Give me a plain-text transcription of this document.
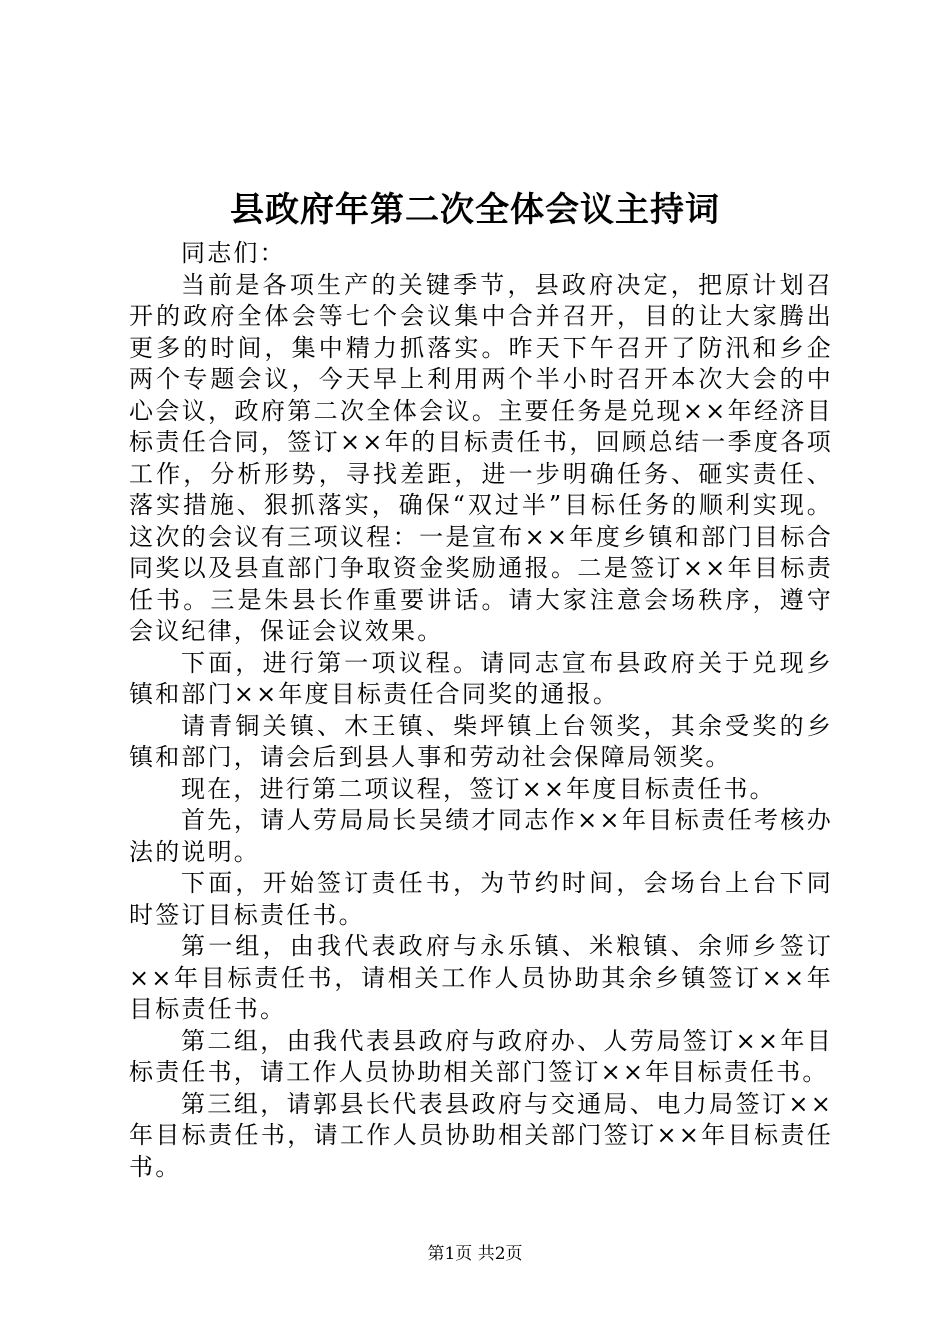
县政府年第二次全体会议主持词

同志们：

当前是各项生产的关键季节，县政府决定，把原计划召开的政府全体会等七个会议集中合并召开，目的让大家腾出更多的时间，集中精力抓落实。昨天下午召开了防汛和乡企两个专题会议，今天早上利用两个半小时召开本次大会的中心会议，政府第二次全体会议。主要任务是兑现××年经济目标责任合同，签订××年的目标责任书，回顾总结一季度各项工作，分析形势，寻找差距，进一步明确任务、砸实责任、落实措施、狠抓落实，确保“双过半”目标任务的顺利实现。这次的会议有三项议程：一是宣布××年度乡镇和部门目标合同奖以及县直部门争取资金奖励通报。二是签订××年目标责任书。三是朱县长作重要讲话。请大家注意会场秩序，遵守会议纪律，保证会议效果。

下面，进行第一项议程。请同志宣布县政府关于兑现乡镇和部门××年度目标责任合同奖的通报。

请青铜关镇、木王镇、柴坪镇上台领奖，其余受奖的乡镇和部门，请会后到县人事和劳动社会保障局领奖。

现在，进行第二项议程，签订××年度目标责任书。

首先，请人劳局局长吴绩才同志作××年目标责任考核办法的说明。

下面，开始签订责任书，为节约时间，会场台上台下同时签订目标责任书。

第一组，由我代表政府与永乐镇、米粮镇、余师乡签订××年目标责任书，请相关工作人员协助其余乡镇签订××年目标责任书。

第二组，由我代表县政府与政府办、人劳局签订××年目标责任书，请工作人员协助相关部门签订××年目标责任书。

第三组，请郭县长代表县政府与交通局、电力局签订××年目标责任书，请工作人员协助相关部门签订××年目标责任书。

第1页 共2页
